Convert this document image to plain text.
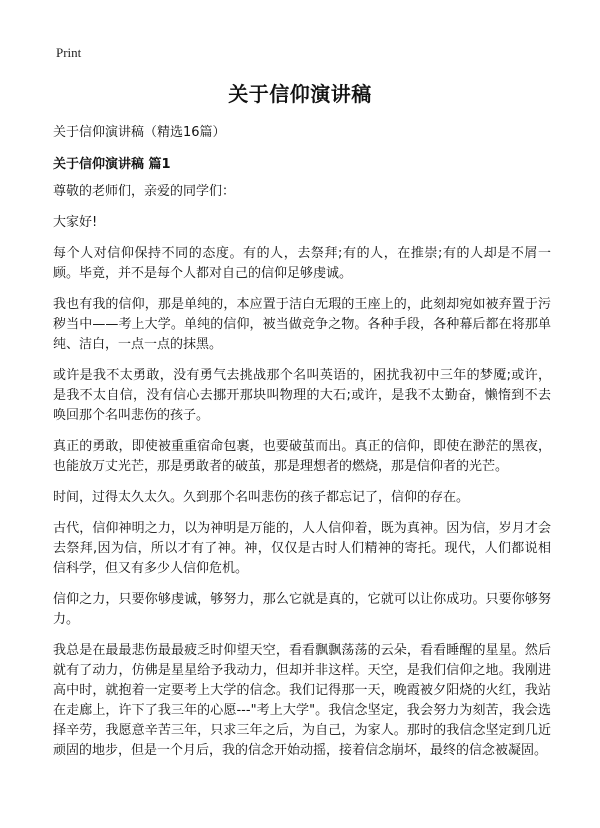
Print
关于信仰演讲稿
关于信仰演讲稿（精选16篇）
关于信仰演讲稿 篇1

尊敬的老师们，亲爱的同学们：

大家好!

每个人对信仰保持不同的态度。有的人，去祭拜;有的人，在推崇;有的人却是不屑一顾。毕竟，并不是每个人都对自己的信仰足够虔诚。

我也有我的信仰，那是单纯的，本应置于洁白无瑕的王座上的，此刻却宛如被弃置于污秽当中——考上大学。单纯的信仰，被当做竞争之物。各种手段，各种幕后都在将那单纯、洁白，一点一点的抹黑。

或许是我不太勇敢，没有勇气去挑战那个名叫英语的，困扰我初中三年的梦魇;或许，是我不太自信，没有信心去挪开那块叫物理的大石;或许，是我不太勤奋，懒惰到不去唤回那个名叫悲伤的孩子。

真正的勇敢，即使被重重宿命包裹，也要破茧而出。真正的信仰，即使在渺茫的黑夜，也能放万丈光芒，那是勇敢者的破茧，那是理想者的燃烧，那是信仰者的光芒。

时间，过得太久太久。久到那个名叫悲伤的孩子都忘记了，信仰的存在。

古代，信仰神明之力，以为神明是万能的，人人信仰着，既为真神。因为信，岁月才会去祭拜,因为信，所以才有了神。神，仅仅是古时人们精神的寄托。现代，人们都说相信科学，但又有多少人信仰危机。

信仰之力，只要你够虔诚，够努力，那么它就是真的，它就可以让你成功。只要你够努力。

我总是在最最悲伤最最疲乏时仰望天空，看看飘飘荡荡的云朵，看看睡醒的星星。然后就有了动力，仿佛是星星给予我动力，但却并非这样。天空，是我们信仰之地。我刚进高中时，就抱着一定要考上大学的信念。我们记得那一天，晚霞被夕阳烧的火红，我站在走廊上，许下了我三年的心愿---"考上大学"。我信念坚定，我会努力为刻苦，我会选择辛劳，我愿意辛苦三年，只求三年之后，为自己，为家人。那时的我信念坚定到几近顽固的地步，但是一个月后，我的信念开始动摇，接着信念崩坏，最终的信念被凝固。
